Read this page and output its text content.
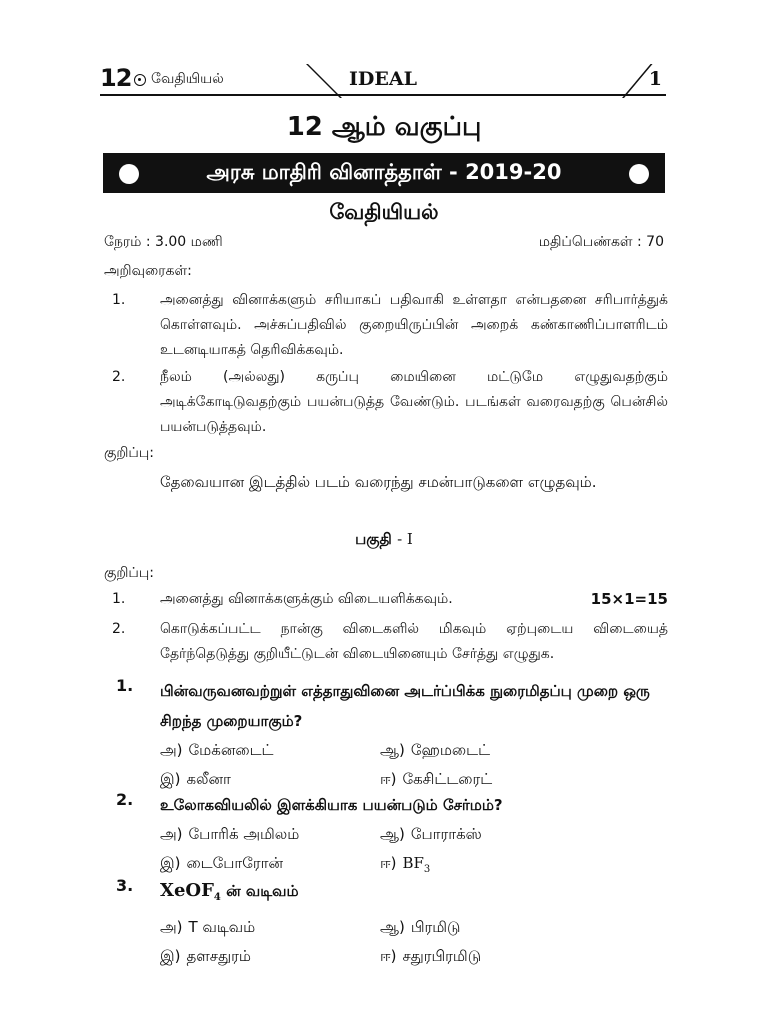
12 வேதியியல்	IDEAL	1
12 ஆம் வகுப்பு
அரசு மாதிரி வினாத்தாள் - 2019-20
வேதியியல்
நேரம் : 3.00 மணி	மதிப்பெண்கள் : 70
அறிவுரைகள்:
1. அனைத்து வினாக்களும் சரியாகப் பதிவாகி உள்ளதா என்பதனை சரிபார்த்துக் கொள்ளவும். அச்சுப்பதிவில் குறையிருப்பின் அறைக் கண்காணிப்பாளரிடம் உடனடியாகத் தெரிவிக்கவும்.
2. நீலம் (அல்லது) கருப்பு மையினை மட்டுமே எழுதுவதற்கும் அடிக்கோடிடுவதற்கும் பயன்படுத்த வேண்டும். படங்கள் வரைவதற்கு பென்சில் பயன்படுத்தவும்.
குறிப்பு:
தேவையான இடத்தில் படம் வரைந்து சமன்பாடுகளை எழுதவும்.
பகுதி - I
குறிப்பு:
1. அனைத்து வினாக்களுக்கும் விடையளிக்கவும்.	15×1=15
2. கொடுக்கப்பட்ட நான்கு விடைகளில் மிகவும் ஏற்புடைய விடையைத் தேர்ந்தெடுத்து குறியீட்டுடன் விடையினையும் சேர்த்து எழுதுக.
1. பின்வருவனவற்றுள் எத்தாதுவினை அடர்ப்பிக்க நுரைமிதப்பு முறை ஒரு சிறந்த முறையாகும்?
அ) மேக்னடைட்	ஆ) ஹேமடைட்
இ) கலீனா	ஈ) கேசிட்டரைட்
2. உலோகவியலில் இளக்கியாக பயன்படும் சேர்மம்?
அ) போரிக் அமிலம்	ஆ) போராக்ஸ்
இ) டைபோரோன்	ஈ) $BF_3$
3. XeOF$_4$ ன் வடிவம்
அ) T வடிவம்	ஆ) பிரமிடு
இ) தளசதுரம்	ஈ) சதுரபிரமிடு
